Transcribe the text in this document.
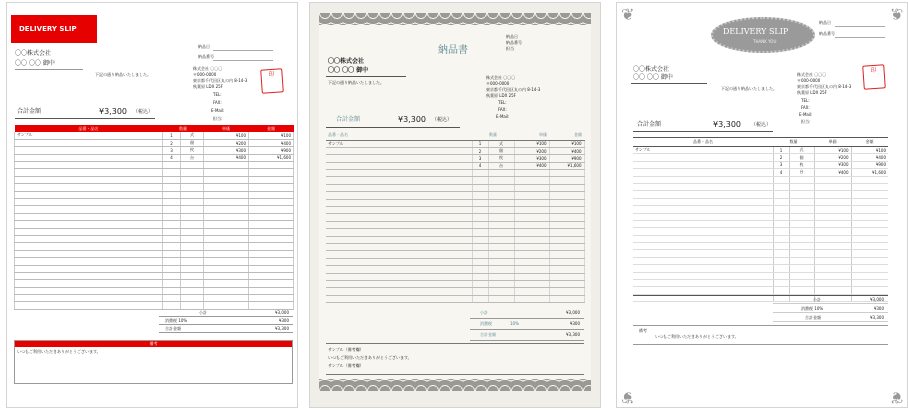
DELIVERY SLIP
〇〇株式会社
〇〇 〇〇 御中
納品日
納品番号
下記の通り納品いたしました。
株式会社 〇〇〇
〒000-0000
東京都千代田区丸の内 8-14-3
秋葉原 LDX 25F
TEL:
FAX:
E-Mail:
担当:
印
合計金額	¥3,300 （税込）
品番・品名	数量		単価	金額
サンプル	1	式	¥100	¥100
	2	個	¥200	¥400
	3	枚	¥300	¥900
	4	台	¥400	¥1,600

小計	¥3,000
消費税 10%	¥300
合計金額	¥3,300
備考
いつもご利用いただきありがとうございます。
納品日
納品番号
担当
納品書
〇〇株式会社
〇〇 〇〇 御中
下記の通り納品いたしました。
株式会社 〇〇〇
〒000-0000
東京都千代田区丸の内 8-14-3
秋葉原 LDX 25F
TEL:
FAX:
E-Mail:
合計金額	¥3,300 （税込）
品番・品名	数量		単価	金額
サンプル	1	式	¥100	¥100
	2	個	¥200	¥400
	3	枚	¥300	¥900
	4	台	¥400	¥1,600

小計	¥3,000
消費税	10%	¥300
合計金額	¥3,300
サンプル（備考欄）
いつもご利用いただきありがとうございます。
サンプル（備考欄）
❦	❦
❦	❦
DELIVERY SLIP
THANK YOU
納品日
納品番号
〇〇株式会社
〇〇 〇〇 御中
下記の通り納品いたしました。
株式会社 〇〇〇
〒000-0000
東京都千代田区丸の内 8-14-3
秋葉原 LDX 25F
TEL:
FAX:
E-Mail:
担当:
印
合計金額	¥3,300 （税込）
品番・品名	数量		単価	金額
サンプル	1	式	¥100	¥100
	2	個	¥200	¥400
	3	枚	¥300	¥900
	4	台	¥400	¥1,600

小計	¥3,000
消費税 10%	¥300
合計金額	¥3,300
備考
いつもご利用いただきありがとうございます。
